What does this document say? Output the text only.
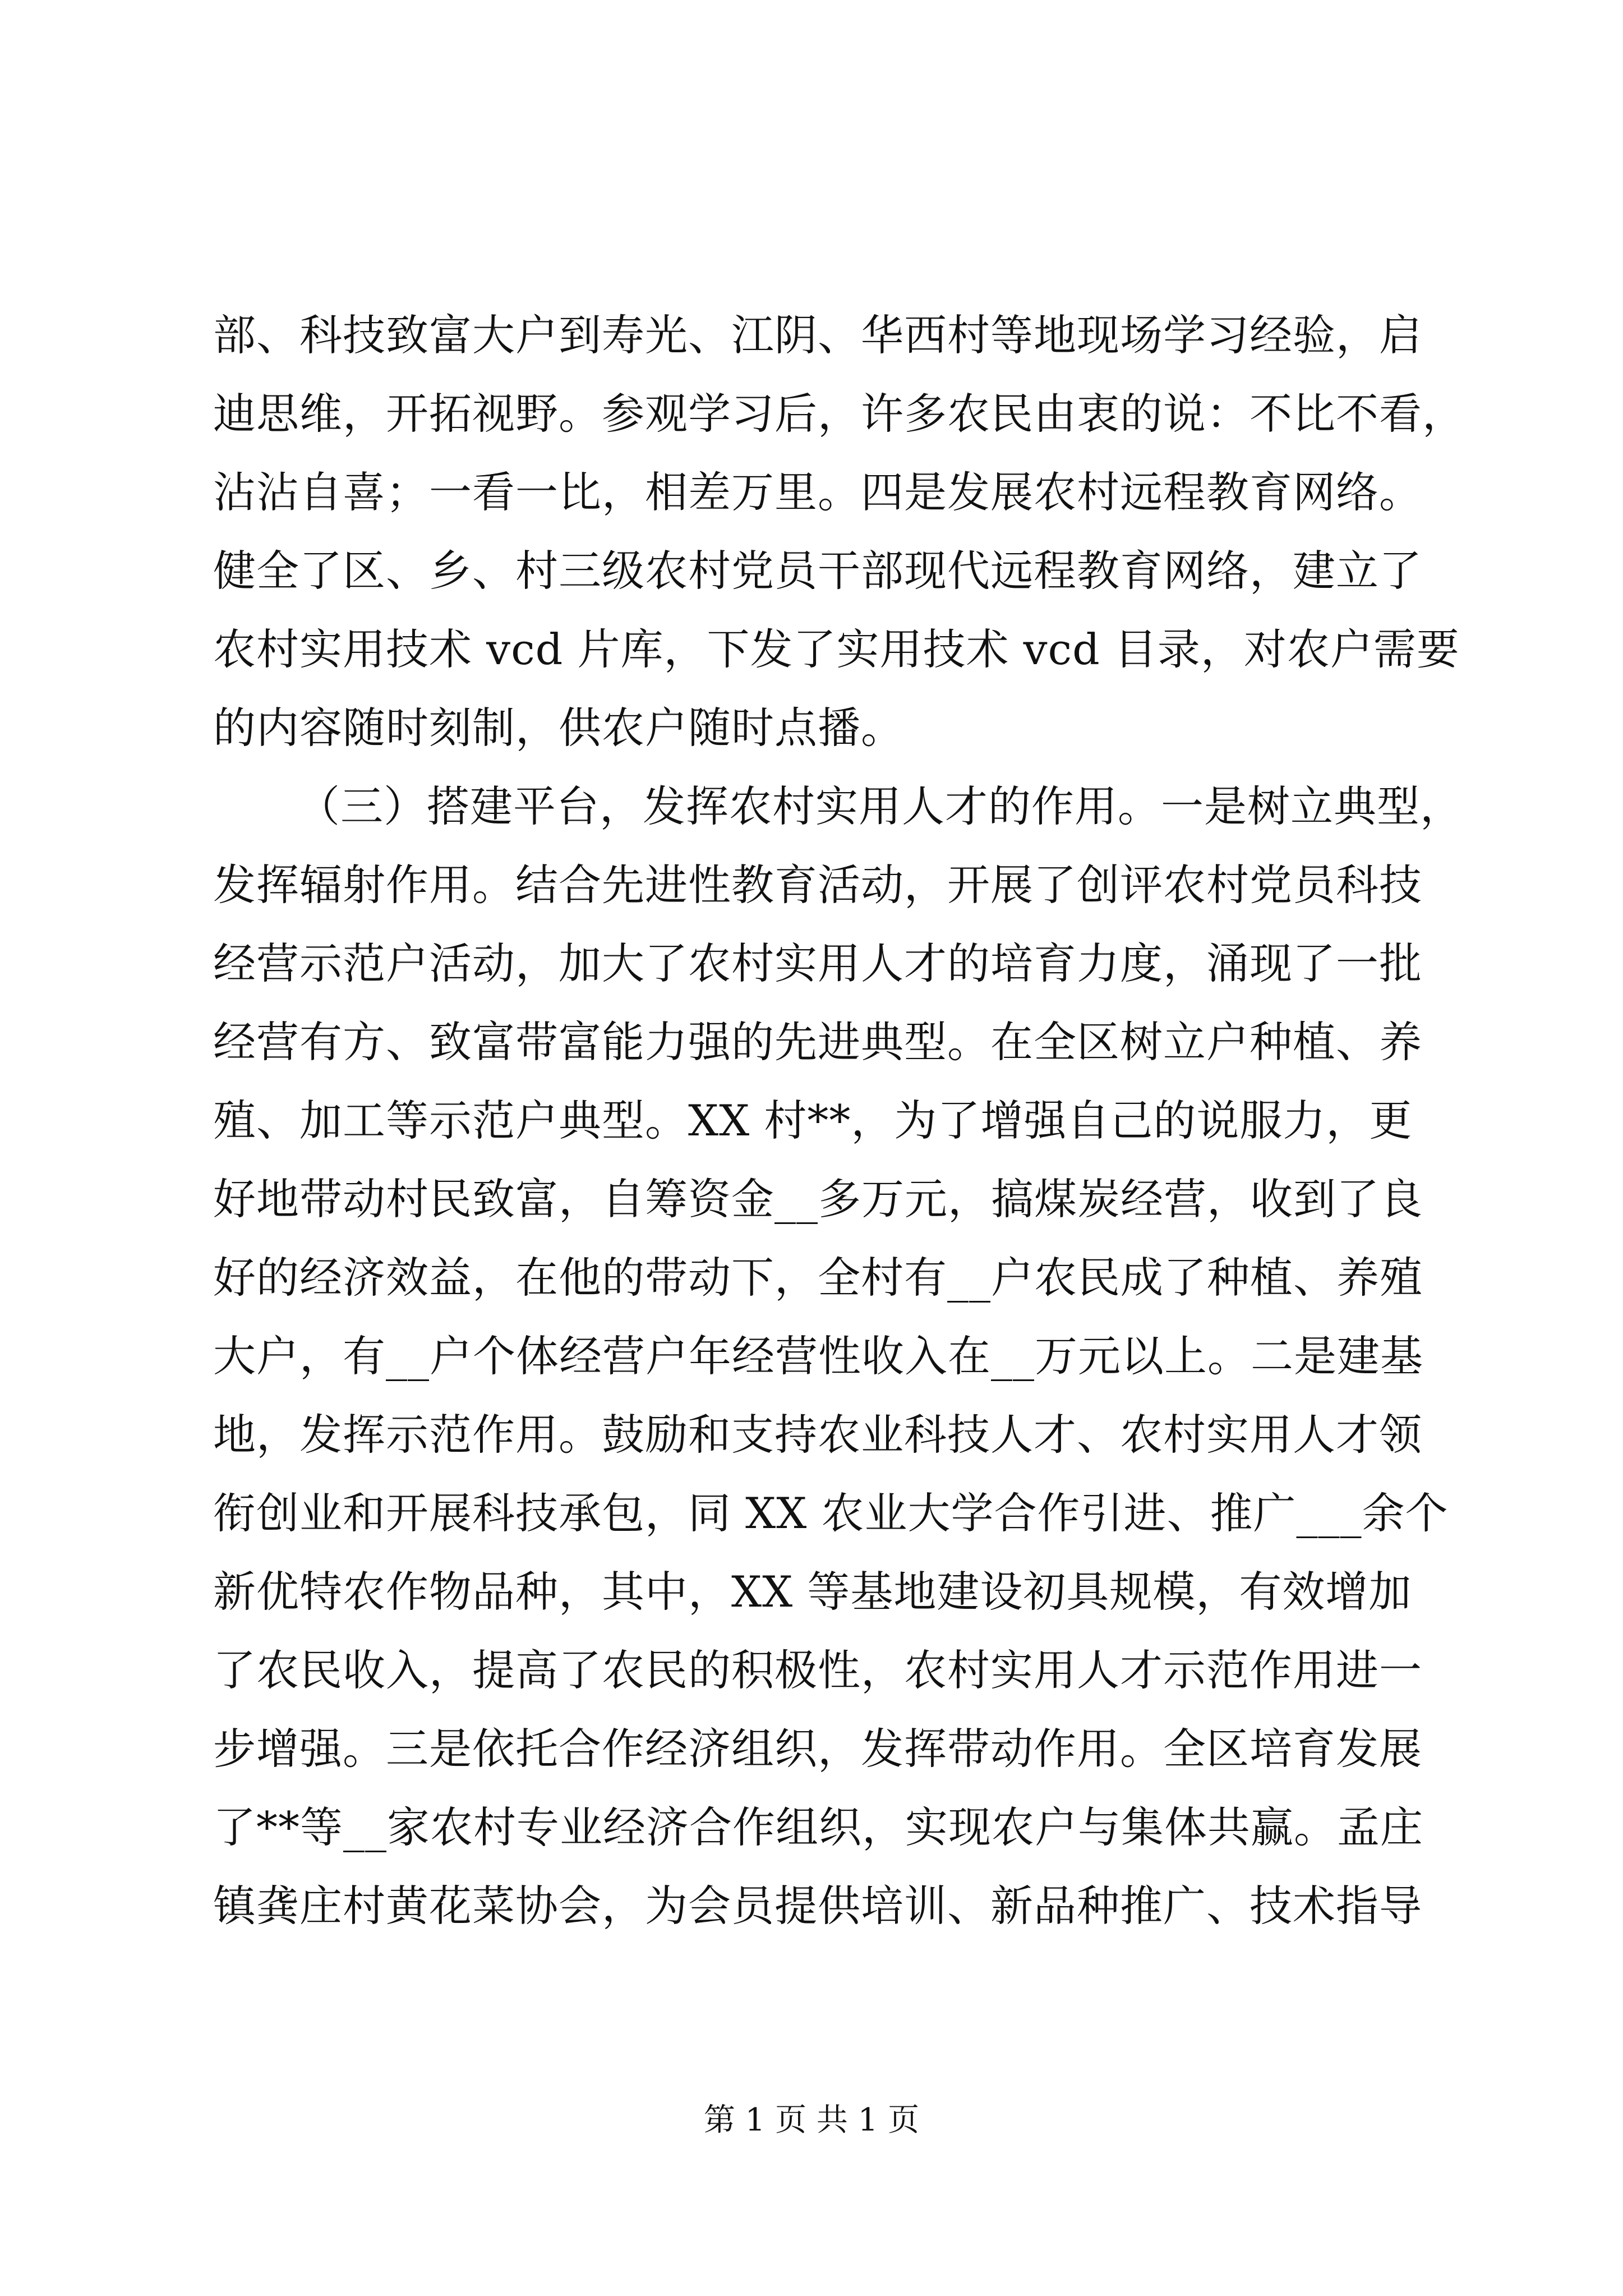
部、科技致富大户到寿光、江阴、华西村等地现场学习经验，启
迪思维，开拓视野。参观学习后，许多农民由衷的说：不比不看，
沾沾自喜；一看一比，相差万里。四是发展农村远程教育网络。
健全了区、乡、村三级农村党员干部现代远程教育网络，建立了
农村实用技术 vcd 片库，下发了实用技术 vcd 目录，对农户需要
的内容随时刻制，供农户随时点播。
（三）搭建平台，发挥农村实用人才的作用。一是树立典型，
发挥辐射作用。结合先进性教育活动，开展了创评农村党员科技
经营示范户活动，加大了农村实用人才的培育力度，涌现了一批
经营有方、致富带富能力强的先进典型。在全区树立户种植、养
殖、加工等示范户典型。XX 村**，为了增强自己的说服力，更
好地带动村民致富，自筹资金__多万元，搞煤炭经营，收到了良
好的经济效益，在他的带动下，全村有__户农民成了种植、养殖
大户，有__户个体经营户年经营性收入在__万元以上。二是建基
地，发挥示范作用。鼓励和支持农业科技人才、农村实用人才领
衔创业和开展科技承包，同 XX 农业大学合作引进、推广___余个
新优特农作物品种，其中，XX 等基地建设初具规模，有效增加
了农民收入，提高了农民的积极性，农村实用人才示范作用进一
步增强。三是依托合作经济组织，发挥带动作用。全区培育发展
了**等__家农村专业经济合作组织，实现农户与集体共赢。孟庄
镇龚庄村黄花菜协会，为会员提供培训、新品种推广、技术指导
第 1 页 共 1 页
